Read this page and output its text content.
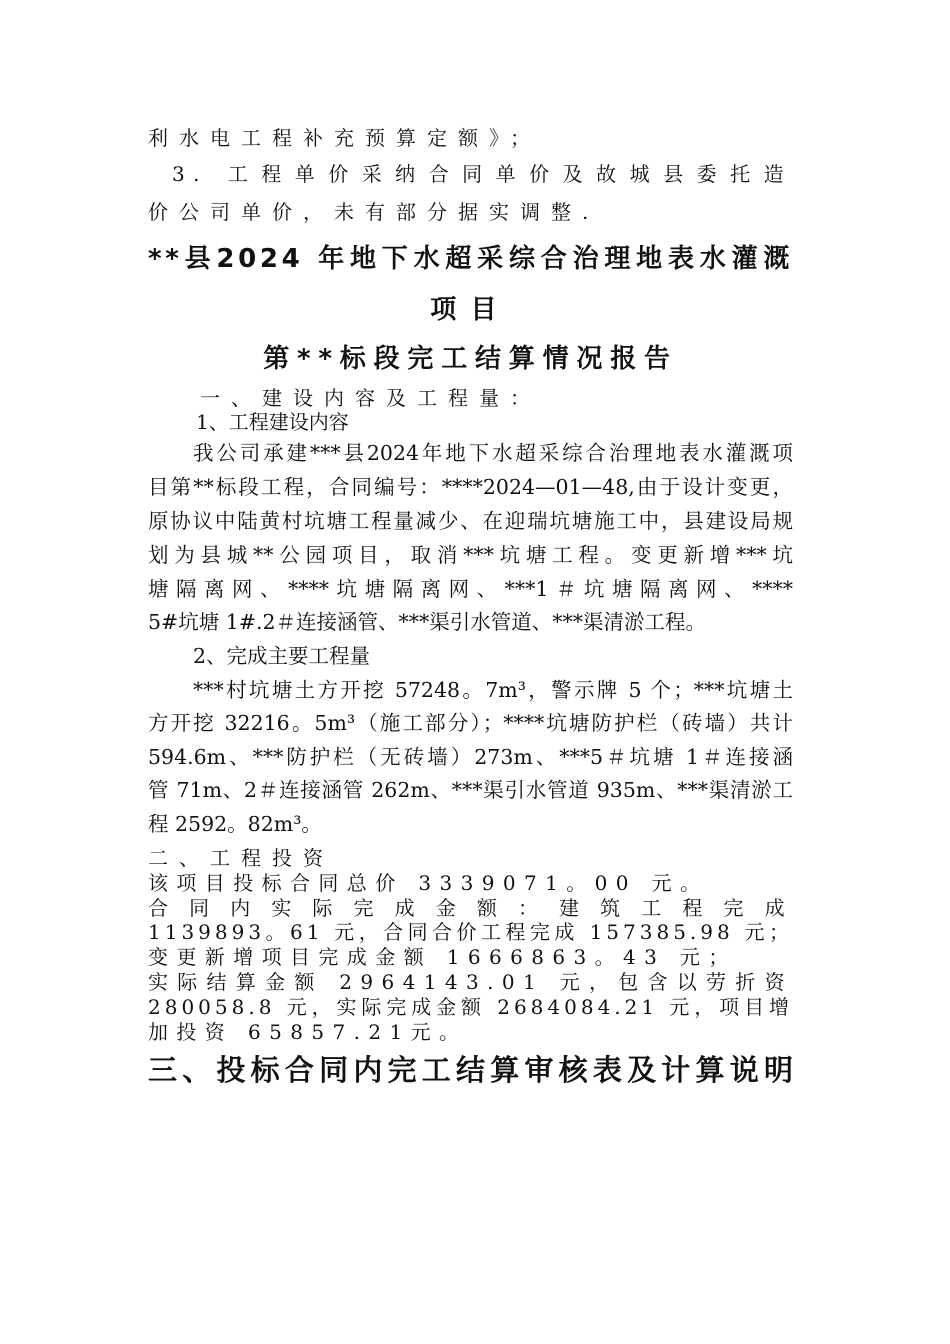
利水电工程补充预算定额》；
3. 工程单价采纳合同单价及故城县委托造
价公司单价，未有部分据实调整.
**县2024 年地下水超采综合治理地表水灌溉
项目
第**标段完工结算情况报告
一、建设内容及工程量：
1、工程建设内容
我公司承建***县2024年地下水超采综合治理地表水灌溉项
目第**标段工程，合同编号：****2024—01—48,由于设计变更，
原协议中陆黄村坑塘工程量减少、在迎瑞坑塘施工中，县建设局规
划为县城**公园项目，取消***坑塘工程。变更新增***坑
塘隔离网、****坑塘隔离网、***1＃坑塘隔离网、****
5#坑塘 1#.2＃连接涵管、***渠引水管道、***渠清淤工程。
2、完成主要工程量
***村坑塘土方开挖 57248。7m³，警示牌 5 个；***坑塘土
方开挖 32216。5m³（施工部分）；****坑塘防护栏（砖墙）共计
594.6m、***防护栏（无砖墙）273m、***5＃坑塘 1＃连接涵
管 71m、2＃连接涵管 262m、***渠引水管道 935m、***渠清淤工
程 2592。82m³。
二、工程投资
该项目投标合同总价 3339071。00 元。
合同内实际完成金额：建筑工程完成
1139893。61 元，合同合价工程完成 157385.98 元；
变更新增项目完成金额 1666863。43 元；
实际结算金额 2964143.01 元，包含以劳折资
280058.8 元，实际完成金额 2684084.21 元，项目增
加投资 65857.21元。
三、投标合同内完工结算审核表及计算说明
